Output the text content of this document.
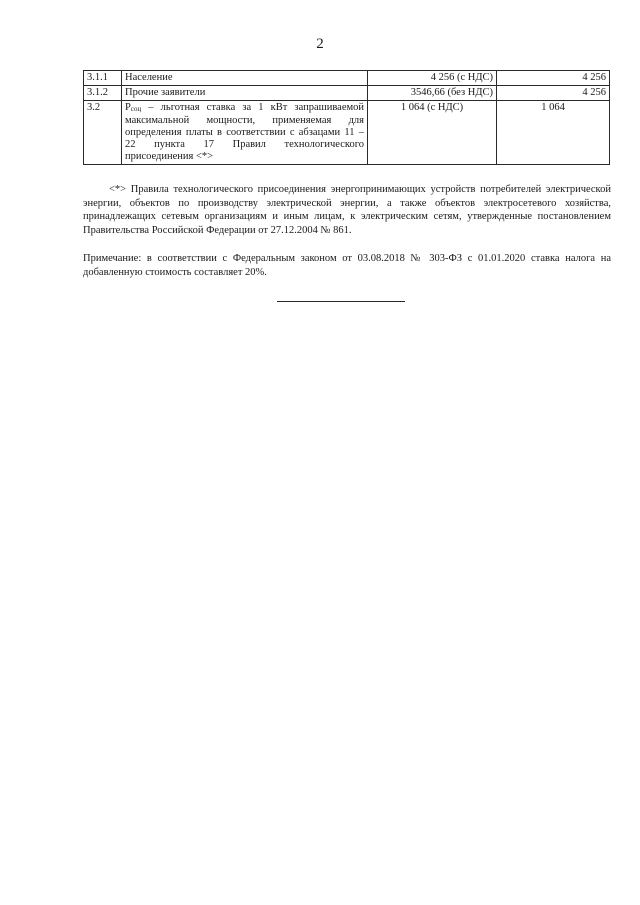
2
3.1.1	Население	4 256 (с НДС)	4 256
3.1.2	Прочие заявители	3546,66 (без НДС)	4 256
3.2	Pсоц – льготная ставка за 1 кВт запрашиваемой максимальной мощности, применяемая для определения платы в соответствии с абзацами 11 – 22 пункта 17 Правил технологического присоединения <*>	1 064 (с НДС)	1 064

<*> Правила технологического присоединения энергопринимающих устройств потребителей электрической энергии, объектов по производству электрической энергии, а также объектов электросетевого хозяйства, принадлежащих сетевым организациям и иным лицам, к электрическим сетям, утвержденные постановлением Правительства Российской Федерации от 27.12.2004 № 861.

Примечание: в соответствии с Федеральным законом от 03.08.2018 № 303-ФЗ с 01.01.2020 ставка налога на добавленную стоимость составляет 20%.
